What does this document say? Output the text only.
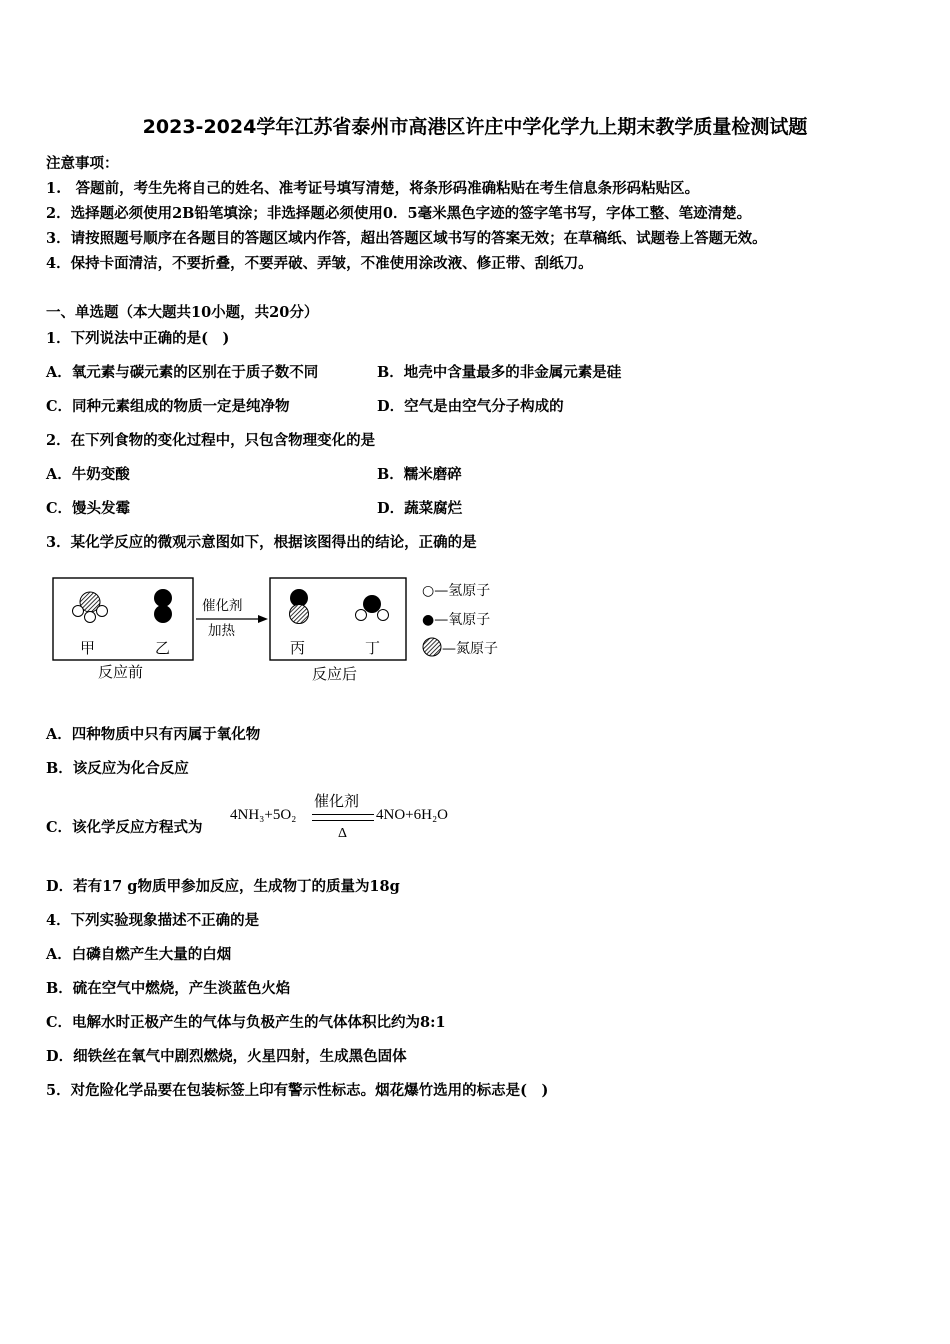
2023-2024学年江苏省泰州市高港区许庄中学化学九上期末教学质量检测试题
注意事项：
1.　答题前，考生先将自己的姓名、准考证号填写清楚，将条形码准确粘贴在考生信息条形码粘贴区。
2．选择题必须使用2B铅笔填涂；非选择题必须使用0．5毫米黑色字迹的签字笔书写，字体工整、笔迹清楚。
3．请按照题号顺序在各题目的答题区域内作答，超出答题区域书写的答案无效；在草稿纸、试题卷上答题无效。
4．保持卡面清洁，不要折叠，不要弄破、弄皱，不准使用涂改液、修正带、刮纸刀。
一、单选题（本大题共10小题，共20分）
1．下列说法中正确的是(　)
A．氧元素与碳元素的区别在于质子数不同	B．地壳中含量最多的非金属元素是硅
C．同种元素组成的物质一定是纯净物	D．空气是由空气分子构成的
2．在下列食物的变化过程中，只包含物理变化的是
A．牛奶变酸	B．糯米磨碎
C．馒头发霉	D．蔬菜腐烂
3．某化学反应的微观示意图如下，根据该图得出的结论，正确的是
甲	乙
反应前
催化剂
加热
丙	丁
反应后
○—氢原子
●—氧原子
—氮原子
A．四种物质中只有丙属于氧化物
B．该反应为化合反应
C．该化学反应方程式为
4NH₃+5O₂
催化剂
Δ
4NO+6H₂O
D．若有17 g物质甲参加反应，生成物丁的质量为18g
4．下列实验现象描述不正确的是
A．白磷自燃产生大量的白烟
B．硫在空气中燃烧，产生淡蓝色火焰
C．电解水时正极产生的气体与负极产生的气体体积比约为8:1
D．细铁丝在氧气中剧烈燃烧，火星四射，生成黑色固体
5．对危险化学品要在包装标签上印有警示性标志。烟花爆竹选用的标志是(　)
